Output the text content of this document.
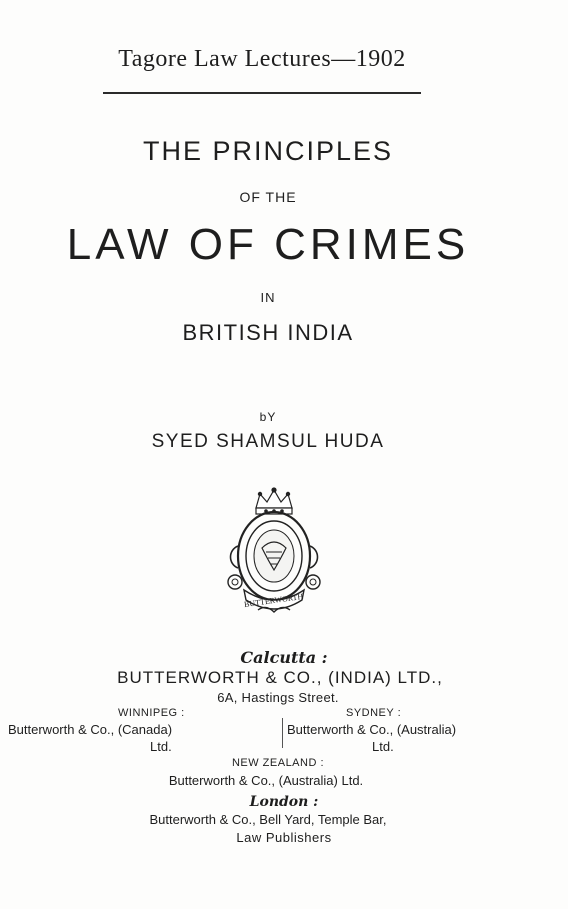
Tagore Law Lectures—1902
THE PRINCIPLES
OF THE
LAW OF CRIMES
IN
BRITISH INDIA
bY
SYED SHAMSUL HUDA
BUTTERWORTH
Calcutta :
BUTTERWORTH & CO., (INDIA) LTD.,
6A, Hastings Street.
WINNIPEG :
Butterworth & Co., (Canada)
Ltd.
SYDNEY :
Butterworth & Co., (Australia)
Ltd.
NEW ZEALAND :
Butterworth & Co., (Australia) Ltd.
London :
Butterworth & Co., Bell Yard, Temple Bar,
Law Publishers
